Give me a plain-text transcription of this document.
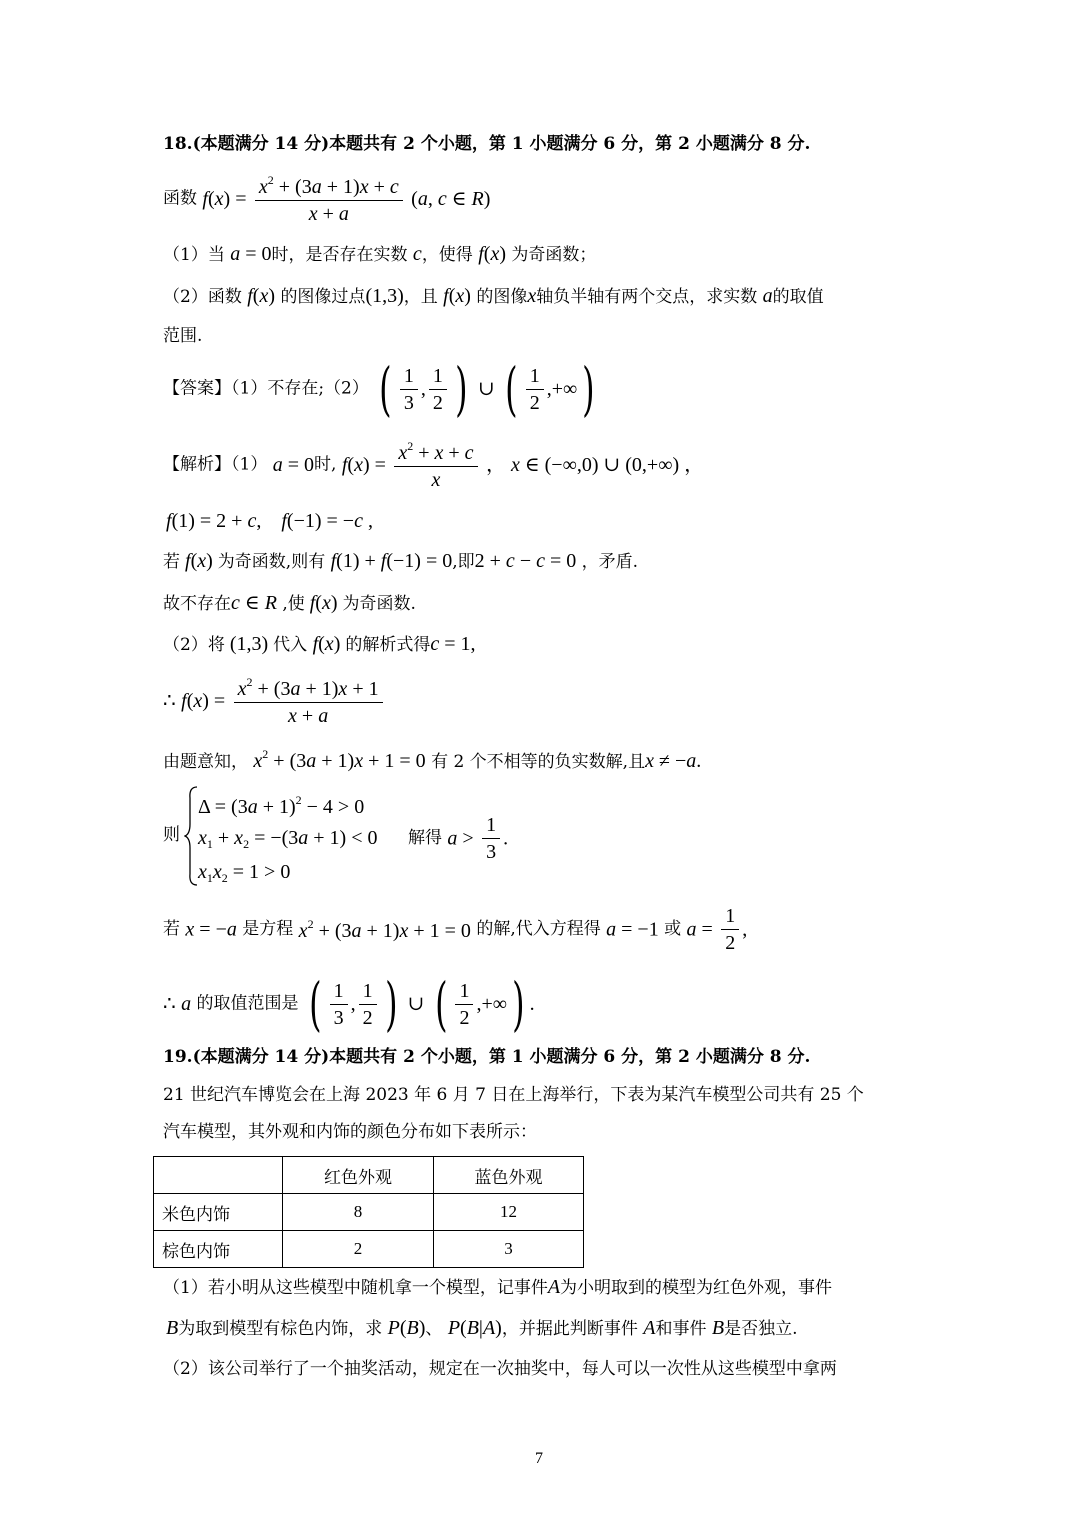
18.(本题满分 14 分)本题共有 2 个小题，第 1 小题满分 6 分，第 2 小题满分 8 分.
函数 $f(x) = \frac{x^2 + (3a + 1)x + c}{x + a} (a$, c ∈ R)
（1）当 a = 0时，是否存在实数 c，使得 f(x) 为奇函数；
（2）函数 f(x) 的图像过点(1,3)，且 f(x) 的图像x轴负半轴有两个交点，求实数 a的取值
范围.
【答案】（1）不存在;（2） ( $\frac{1}{3}$ , $\frac{1}{2}$ ) ∪ ( $\frac{1}{2}$ ,+∞)
【解析】（1） a = 0时, $f(x) = \frac{x^2 + x + c}{x}$ ， x ∈ (−∞,0) ∪ (0,+∞) ，
f(1) = 2 + c,    f(−1) = −c ,
若 f(x) 为奇函数,则有 f(1) + f(−1) = 0,即2 + c − c = 0 ，矛盾.
故不存在c ∈ R ,使 f(x) 为奇函数.
（2）将 (1,3) 代入 f(x) 的解析式得c = 1,
∴ $f(x) = \frac{x^2 + (3a + 1)x + 1}{x + a}$
由题意知， $x^2 + (3a + 1)x + 1 = 0$ 有 2 个不相等的负实数解,且x ≠ −a.
则
$\Delta = (3a + 1)^2 - 4 > 0$
$x_1 + x_2 = -(3a + 1) < 0$
$x_1x_2 = 1 > 0$
解得 $a > \frac{1}{3}$ .
若 x = −a 是方程 $x^2 + (3a + 1)x + 1 = 0$ 的解,代入方程得 a = −1 或 $a = \frac{1}{2}$ ,
∴ a 的取值范围是 ( $\frac{1}{3}$ , $\frac{1}{2}$ ) ∪ ( $\frac{1}{2}$ ,+∞) .
19.(本题满分 14 分)本题共有 2 个小题，第 1 小题满分 6 分，第 2 小题满分 8 分.
21 世纪汽车博览会在上海 2023 年 6 月 7 日在上海举行，下表为某汽车模型公司共有 25 个
汽车模型，其外观和内饰的颜色分布如下表所示：
	红色外观	蓝色外观
米色内饰	8	12
棕色内饰	2	3
（1）若小明从这些模型中随机拿一个模型，记事件A为小明取到的模型为红色外观，事件
B为取到模型有棕色内饰，求 P(B)、 P(B|A)，并据此判断事件 A和事件 B是否独立.
（2）该公司举行了一个抽奖活动，规定在一次抽奖中，每人可以一次性从这些模型中拿两
7
